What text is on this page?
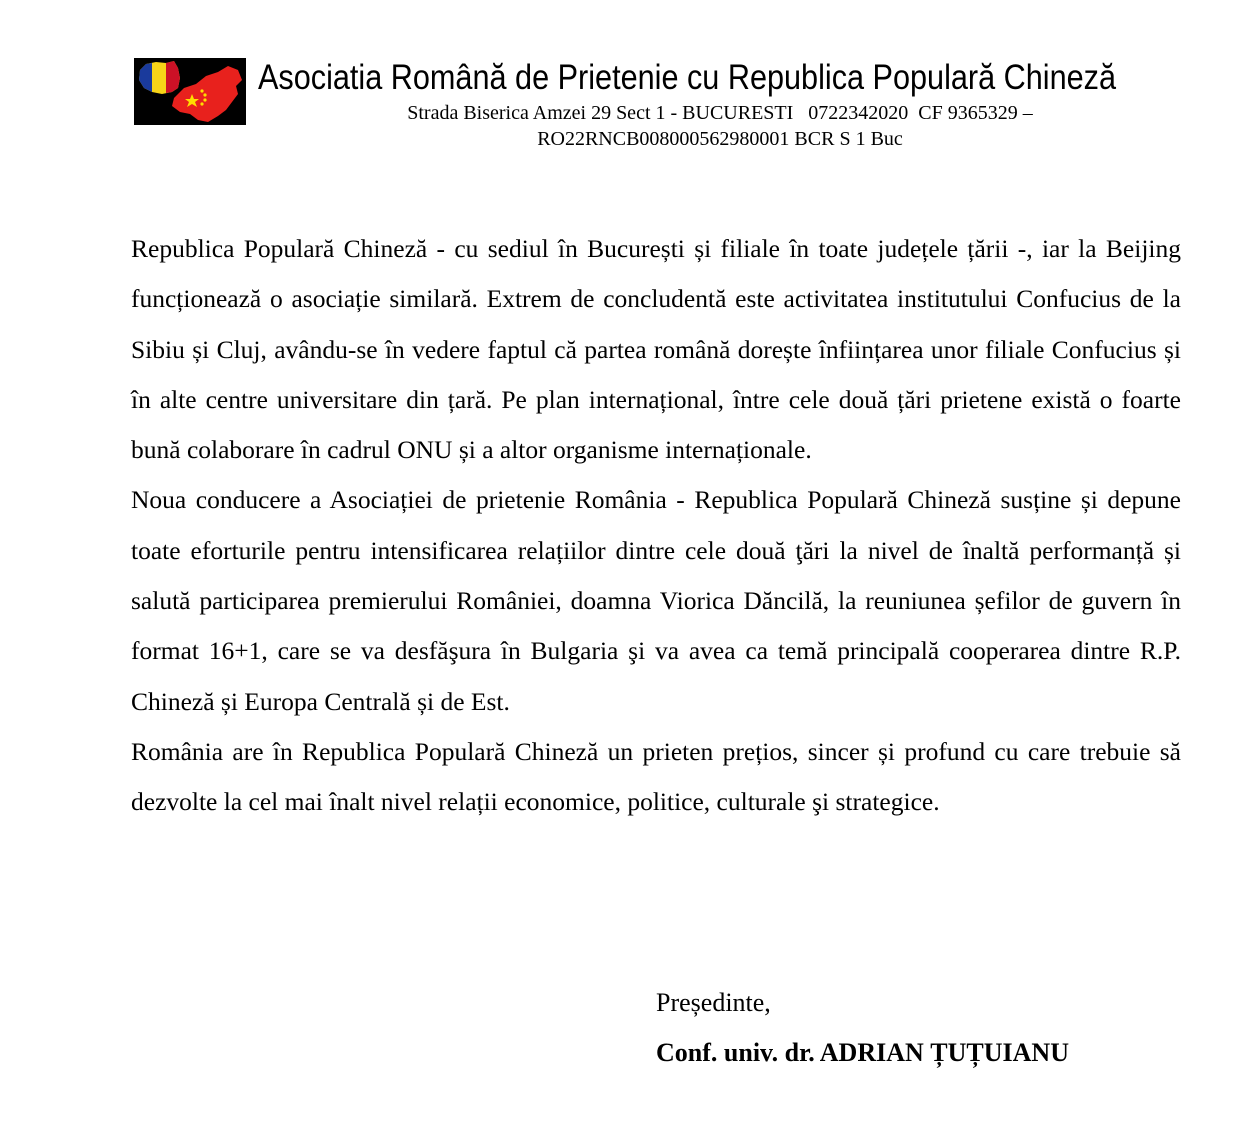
Asociatia Română de Prietenie cu Republica Populară Chineză
Strada Biserica Amzei 29 Sect 1 - BUCURESTI   0722342020  CF 9365329 –
RO22RNCB0080005629800​01 BCR S 1 Buc

Republica Populară Chineză - cu sediul în București și filiale în toate județele țării -, iar la Beijing funcționează o asociație similară. Extrem de concludentă este activitatea institutului Confucius de la Sibiu și Cluj, avându-se în vedere faptul că partea română dorește înființarea unor filiale Confucius și în alte centre universitare din țară. Pe plan internațional, între cele două țări prietene există o foarte bună colaborare în cadrul ONU și a altor organisme internaționale.

Noua conducere a Asociației de prietenie România - Republica Populară Chineză susține și depune toate eforturile pentru intensificarea relațiilor dintre cele două ţări la nivel de înaltă performanță și salută participarea premierului României, doamna Viorica Dăncilă, la reuniunea șefilor de guvern în format 16+1, care se va desfăşura în Bulgaria şi va avea ca temă principală cooperarea dintre R.P. Chineză și Europa Centrală și de Est.

România are în Republica Populară Chineză un prieten prețios, sincer și profund cu care trebuie să dezvolte la cel mai înalt nivel relații economice, politice, culturale şi strategice.

Președinte,
Conf. univ. dr. ADRIAN ȚUȚUIANU
